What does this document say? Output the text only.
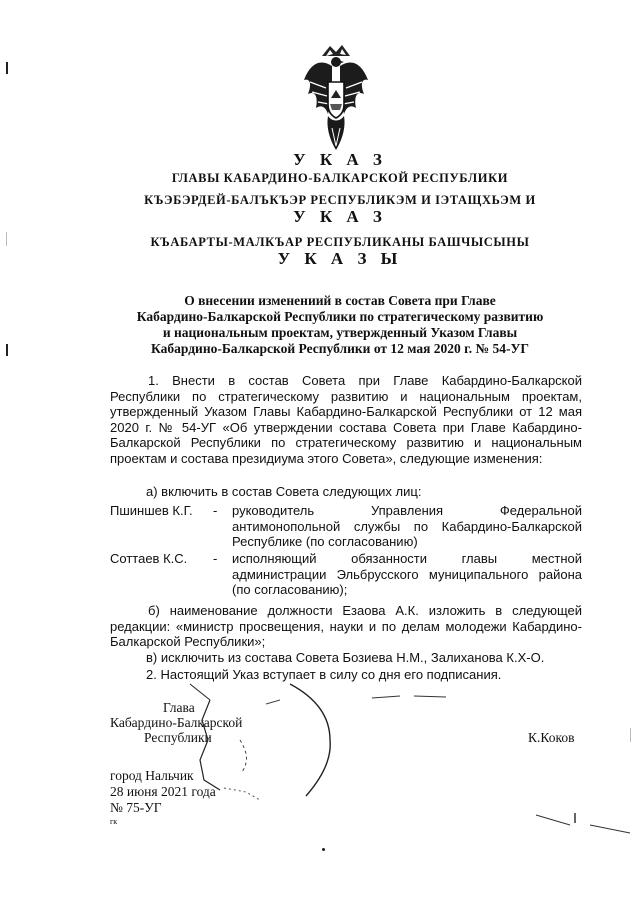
У К А З
ГЛАВЫ КАБАРДИНО-БАЛКАРСКОЙ РЕСПУБЛИКИ
КЪЭБЭРДЕЙ-БАЛЪКЪЭР РЕСПУБЛИКЭМ И ІЭТАЩХЬЭМ И
У К А З
КЪАБАРТЫ-МАЛКЪАР РЕСПУБЛИКАНЫ БАШЧЫСЫНЫ
У К А З Ы
О внесении изменениий в состав Совета при Главе
Кабардино-Балкарской Республики по стратегическому развитию
и национальным проектам, утвержденный Указом Главы
Кабардино-Балкарской Республики от 12 мая 2020 г. № 54-УГ
1. Внести в состав Совета при Главе Кабардино-Балкарской Республики по стратегическому развитию и национальным проектам, утвержденный Указом Главы Кабардино-Балкарской Республики от 12 мая 2020 г. № 54-УГ «Об утверждении состава Совета при Главе Кабардино-Балкарской Республики по стратегическому развитию и национальным проектам и состава президиума этого Совета», следующие изменения:
а) включить в состав Совета следующих лиц:
Пшиншев К.Г. - руководитель Управления Федеральной антимонопольной службы по Кабардино-Балкарской Республике (по согласованию)
Соттаев К.С. - исполняющий обязанности главы местной администрации Эльбрусского муниципального района (по согласованию);
б) наименование должности Езаова А.К. изложить в следующей редакции: «министр просвещения, науки и по делам молодежи Кабардино-Балкарской Республики»;
в) исключить из состава Совета Бозиева Н.М., Залиханова К.Х-О.
2. Настоящий Указ вступает в силу со дня его подписания.
Глава
Кабардино-Балкарской
Республики	К.Коков
город Нальчик
28 июня 2021 года
№ 75-УГ
гк
